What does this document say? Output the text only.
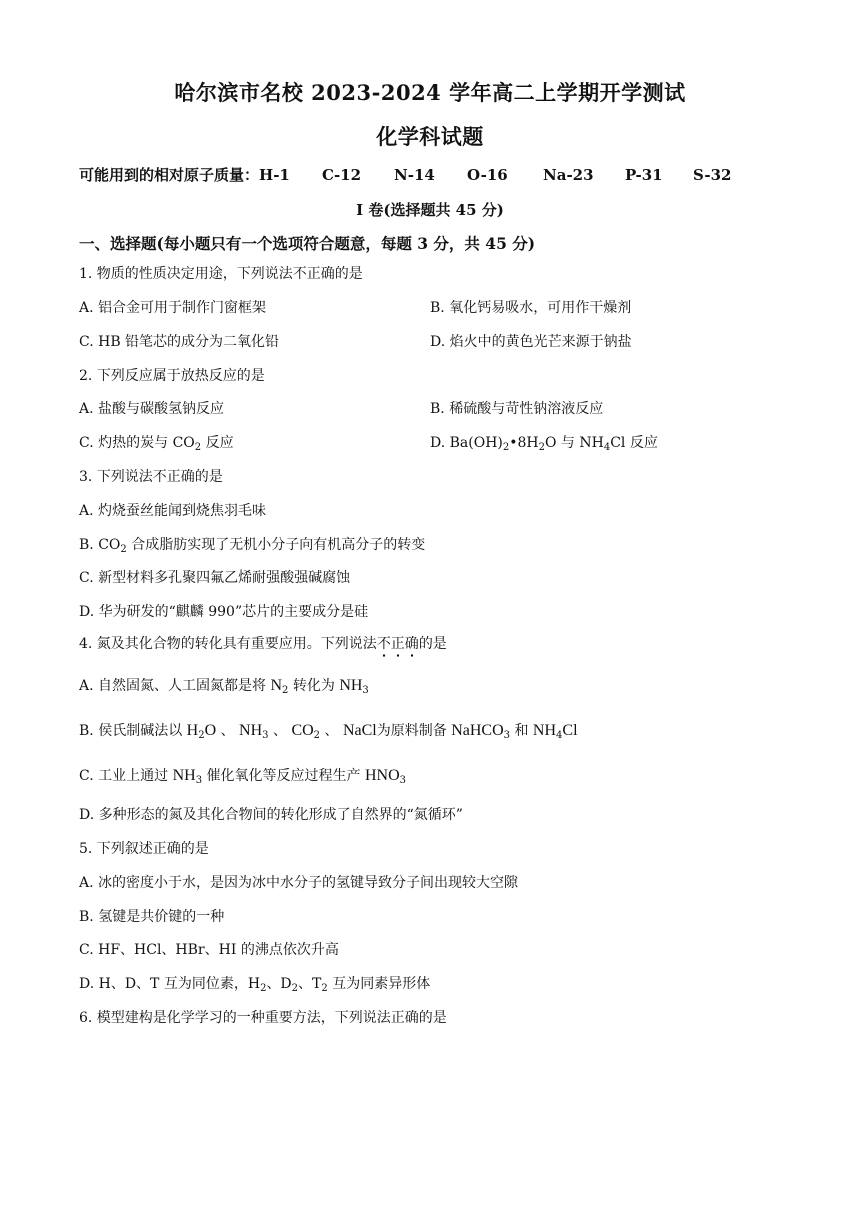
哈尔滨市名校 2023-2024 学年高二上学期开学测试
化学科试题
可能用到的相对原子质量：H-1 C-12 N-14 O-16 Na-23 P-31 S-32
I 卷(选择题共 45 分)
一、选择题(每小题只有一个选项符合题意，每题 3 分，共 45 分)
1. 物质的性质决定用途，下列说法不正确的是
A. 铝合金可用于制作门窗框架	B. 氧化钙易吸水，可用作干燥剂
C. HB 铅笔芯的成分为二氧化铅	D. 焰火中的黄色光芒来源于钠盐
2. 下列反应属于放热反应的是
A. 盐酸与碳酸氢钠反应	B. 稀硫酸与苛性钠溶液反应
C. 灼热的炭与 $CO_2$ 反应	D. $Ba(OH)_2•8H_2O$ 与 $NH_4Cl$ 反应
3. 下列说法不正确的是
A. 灼烧蚕丝能闻到烧焦羽毛味
B. $CO_2$ 合成脂肪实现了无机小分子向有机高分子的转变
C. 新型材料多孔聚四氟乙烯耐强酸强碱腐蚀
D. 华为研发的“麒麟 990”芯片的主要成分是硅
4. 氮及其化合物的转化具有重要应用。下列说法不正确的是
A. 自然固氮、人工固氮都是将 $N_2$ 转化为 $NH_3$
B. 侯氏制碱法以 $H_2O$ 、 $NH_3$ 、 $CO_2$ 、 NaCl为原料制备 NaHCO$_3$ 和 $NH_4Cl$
C. 工业上通过 $NH_3$ 催化氧化等反应过程生产 $HNO_3$
D. 多种形态的氮及其化合物间的转化形成了自然界的“氮循环”
5. 下列叙述正确的是
A. 冰的密度小于水，是因为冰中水分子的氢键导致分子间出现较大空隙
B. 氢键是共价键的一种
C. HF、HCl、HBr、HI 的沸点依次升高
D. H、D、T 互为同位素，$H_2$、$D_2$、$T_2$ 互为同素异形体
6. 模型建构是化学学习的一种重要方法，下列说法正确的是
